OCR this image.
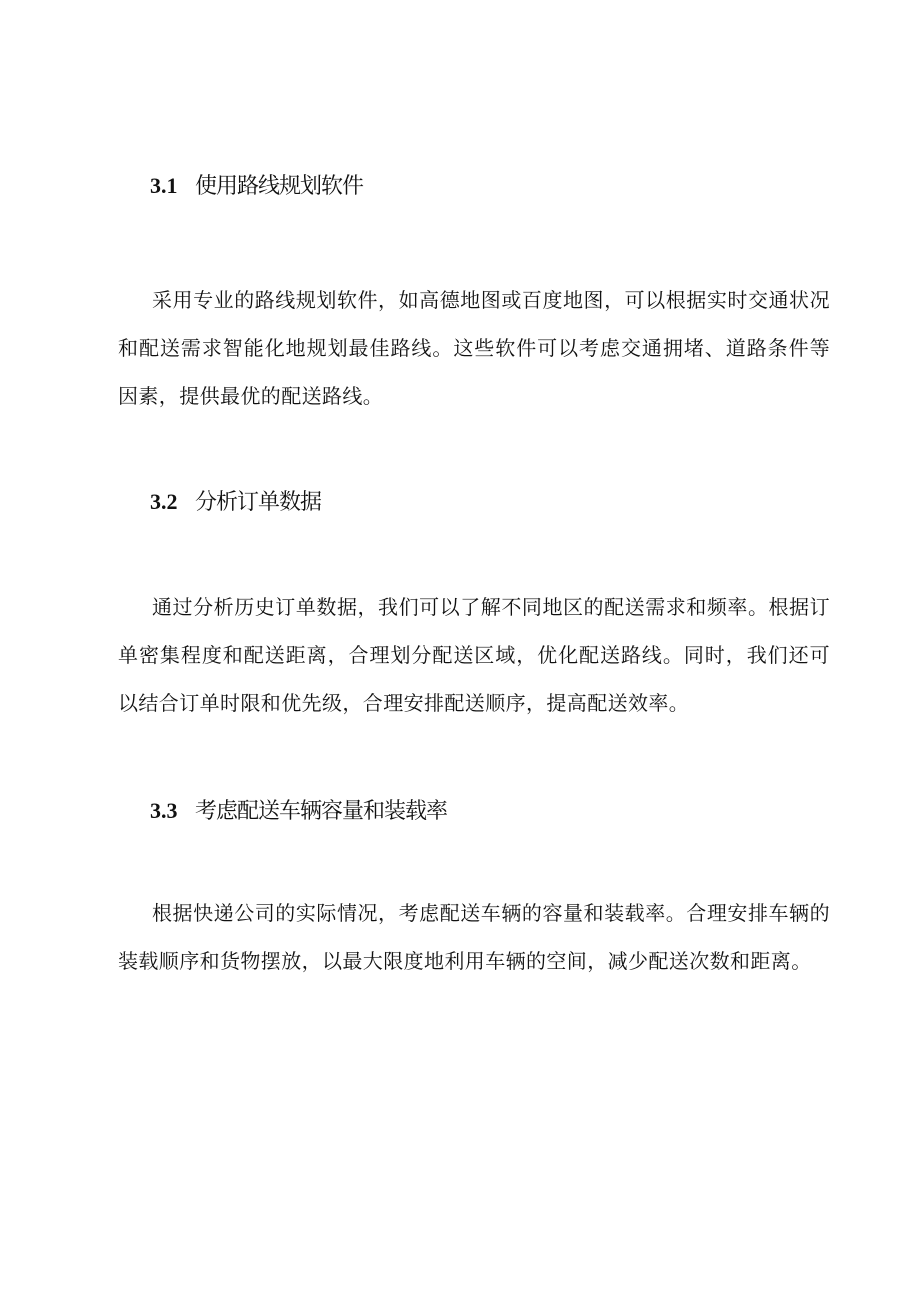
3.1 使用路线规划软件

采用专业的路线规划软件，如高德地图或百度地图，可以根据实时交通状况和配送需求智能化地规划最佳路线。这些软件可以考虑交通拥堵、道路条件等因素，提供最优的配送路线。

3.2 分析订单数据

通过分析历史订单数据，我们可以了解不同地区的配送需求和频率。根据订单密集程度和配送距离，合理划分配送区域，优化配送路线。同时，我们还可以结合订单时限和优先级，合理安排配送顺序，提高配送效率。

3.3 考虑配送车辆容量和装载率

根据快递公司的实际情况，考虑配送车辆的容量和装载率。合理安排车辆的装载顺序和货物摆放，以最大限度地利用车辆的空间，减少配送次数和距离。
